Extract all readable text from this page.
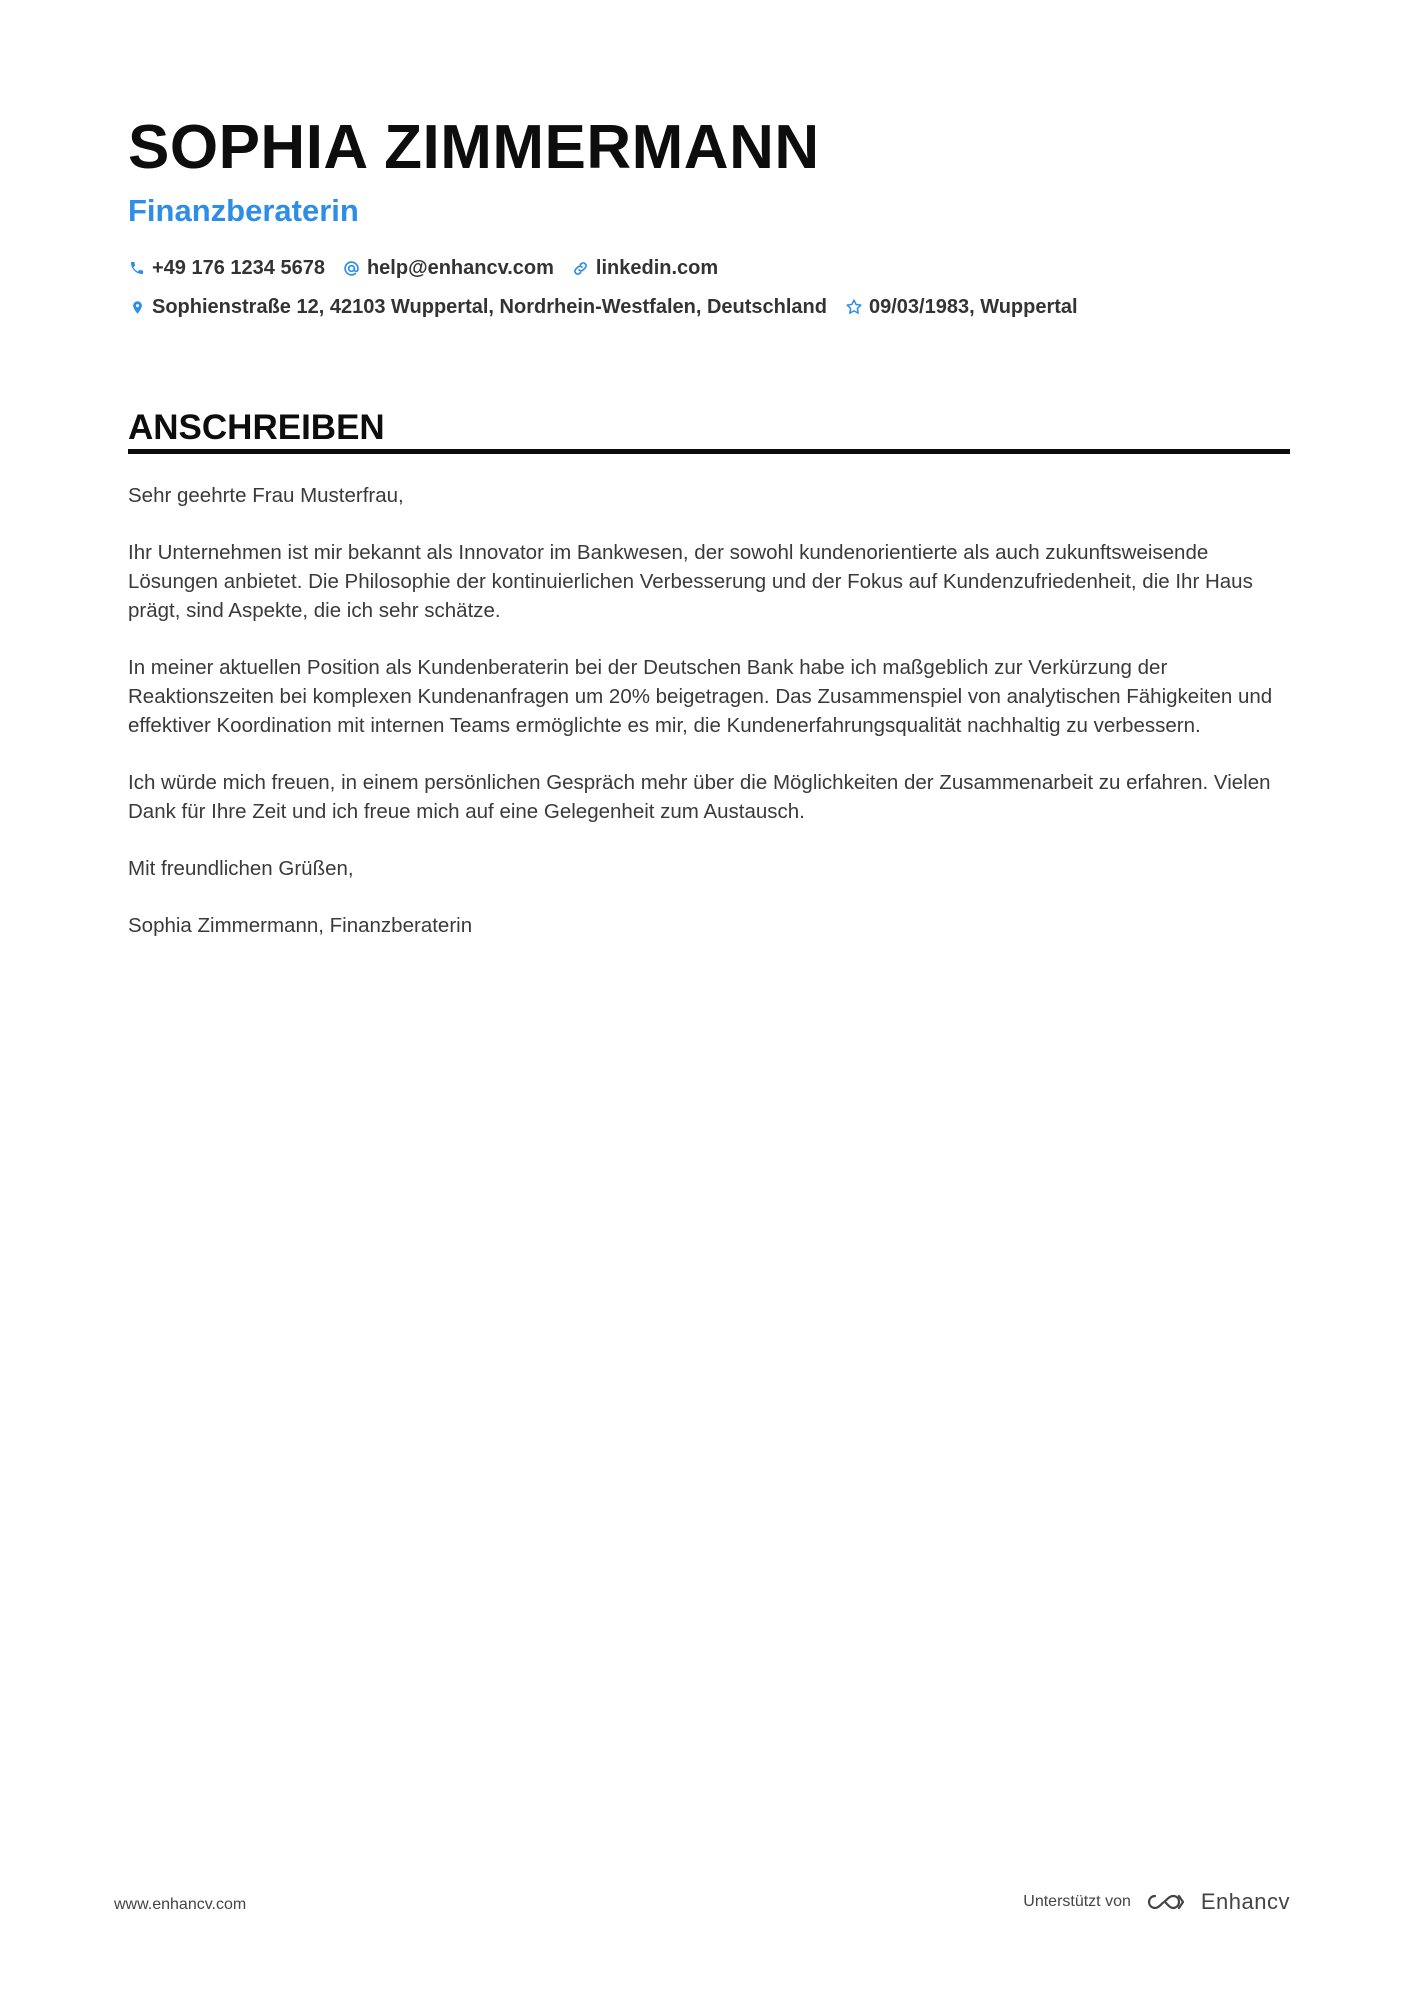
SOPHIA ZIMMERMANN
Finanzberaterin
+49 176 1234 5678 help@enhancv.com linkedin.com
Sophienstraße 12, 42103 Wuppertal, Nordrhein-Westfalen, Deutschland 09/03/1983, Wuppertal
ANSCHREIBEN

Sehr geehrte Frau Musterfrau,

Ihr Unternehmen ist mir bekannt als Innovator im Bankwesen, der sowohl kundenorientierte als auch zukunftsweisende Lösungen anbietet. Die Philosophie der kontinuierlichen Verbesserung und der Fokus auf Kundenzufriedenheit, die Ihr Haus prägt, sind Aspekte, die ich sehr schätze.

In meiner aktuellen Position als Kundenberaterin bei der Deutschen Bank habe ich maßgeblich zur Verkürzung der Reaktionszeiten bei komplexen Kundenanfragen um 20% beigetragen. Das Zusammenspiel von analytischen Fähigkeiten und effektiver Koordination mit internen Teams ermöglichte es mir, die Kundenerfahrungsqualität nachhaltig zu verbessern.

Ich würde mich freuen, in einem persönlichen Gespräch mehr über die Möglichkeiten der Zusammenarbeit zu erfahren. Vielen Dank für Ihre Zeit und ich freue mich auf eine Gelegenheit zum Austausch.

Mit freundlichen Grüßen,

Sophia Zimmermann, Finanzberaterin

www.enhancv.com	Unterstützt von	Enhancv
